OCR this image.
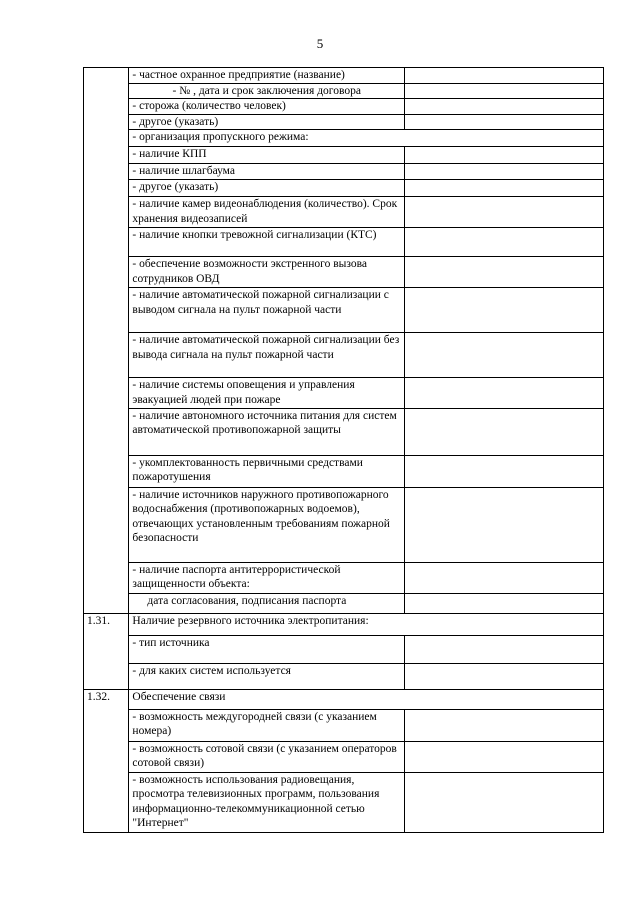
5
	- частное охранное предприятие (название)	
	- № , дата и срок заключения договора	
	- сторожа (количество человек)	
	- другое (указать)	
	- организация пропускного режима:	
	- наличие КПП	
	- наличие шлагбаума	
	- другое (указать)	
	- наличие камер видеонаблюдения (количество). Срок хранения видеозаписей	
	- наличие кнопки тревожной сигнализации (КТС)	
	- обеспечение возможности экстренного вызова сотрудников ОВД	
	- наличие автоматической пожарной сигнализации с выводом сигнала на пульт пожарной части	
	- наличие автоматической пожарной сигнализации без вывода сигнала на пульт пожарной части	
	- наличие системы оповещения и управления эвакуацией людей при пожаре	
	- наличие автономного источника питания для систем автоматической противопожарной защиты	
	- укомплектованность первичными средствами пожаротушения	
	- наличие источников наружного противопожарного водоснабжения (противопожарных водоемов), отвечающих установленным требованиям пожарной безопасности	
	- наличие паспорта антитеррористической защищенности объекта:	
	дата согласования, подписания паспорта	
1.31.	Наличие резервного источника электропитания:	
	- тип источника	
	- для каких систем используется	
1.32.	Обеспечение связи	
	- возможность междугородней связи (с указанием номера)	
	- возможность сотовой связи (с указанием операторов сотовой связи)	
	- возможность использования радиовещания, просмотра телевизионных программ, пользования информационно-телекоммуникационной сетью "Интернет"	
